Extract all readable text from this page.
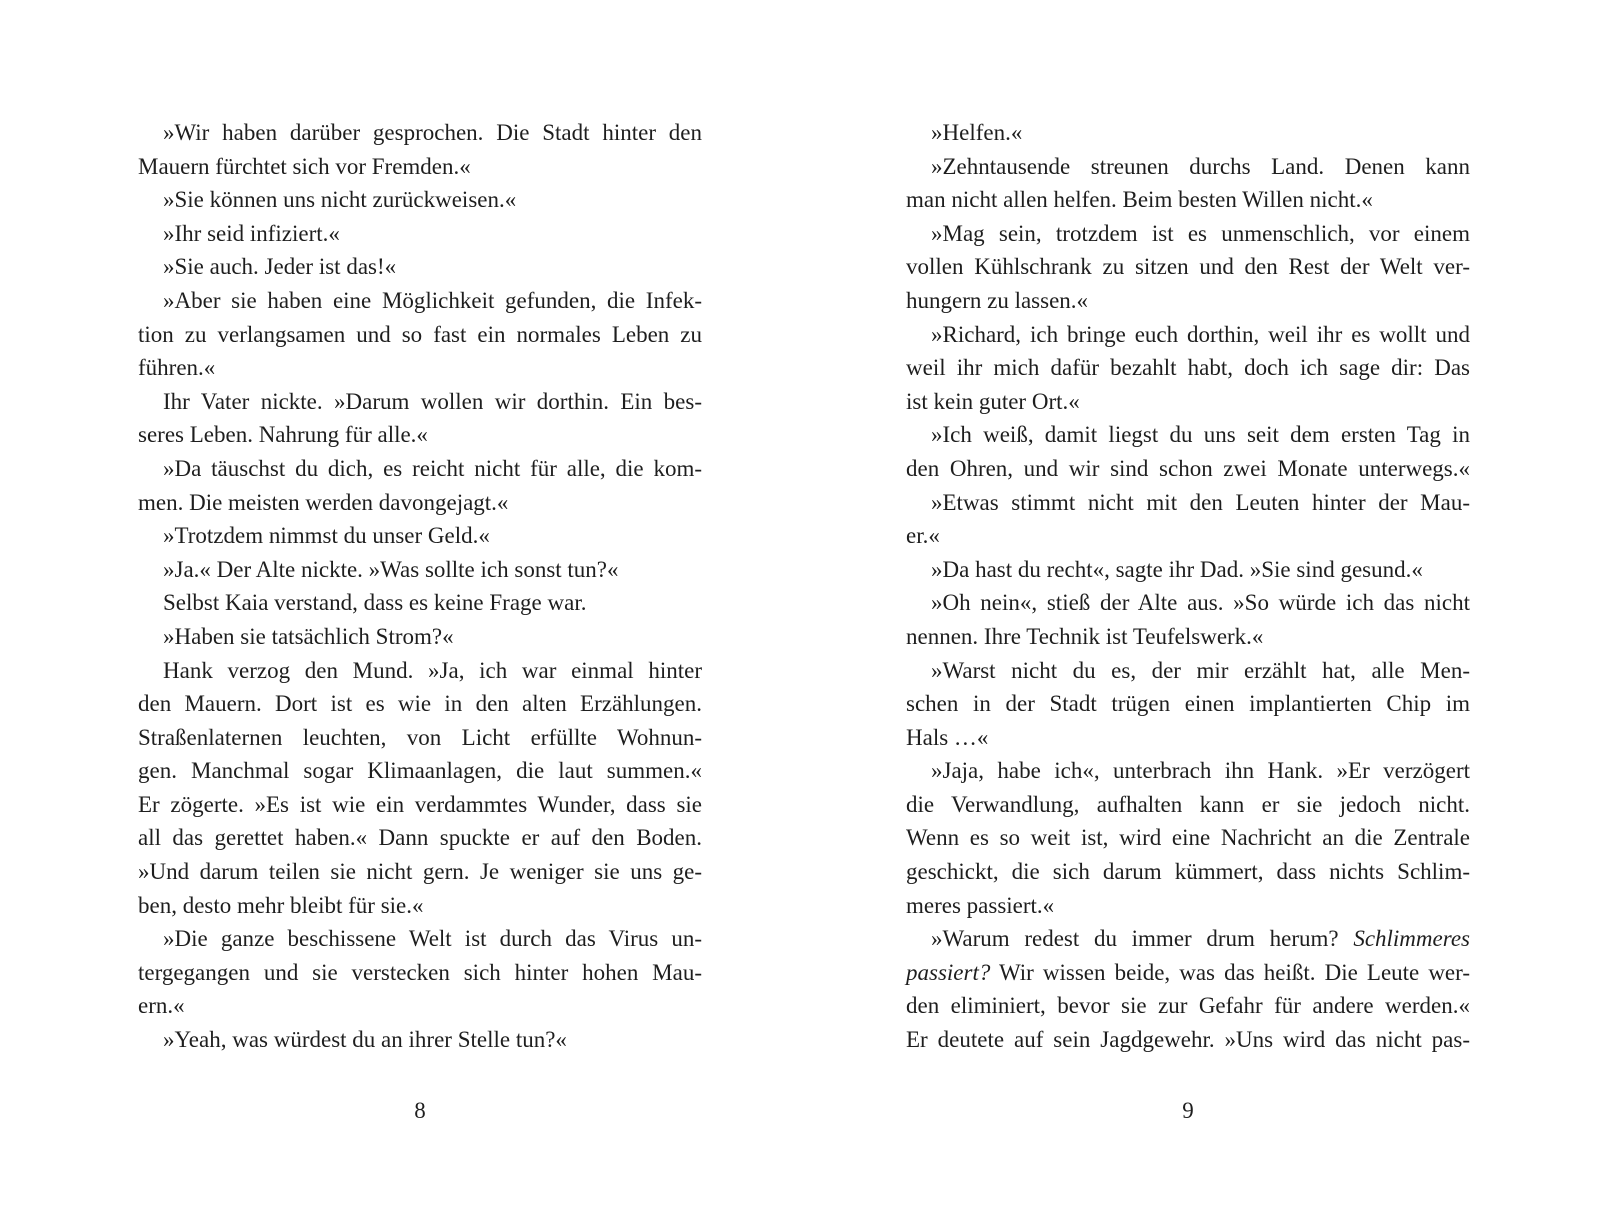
»Wir haben darüber gesprochen. Die Stadt hinter den
Mauern fürchtet sich vor Fremden.«
»Sie können uns nicht zurückweisen.«
»Ihr seid infiziert.«
»Sie auch. Jeder ist das!«
»Aber sie haben eine Möglichkeit gefunden, die Infek-
tion zu verlangsamen und so fast ein normales Leben zu
führen.«
Ihr Vater nickte. »Darum wollen wir dorthin. Ein bes-
seres Leben. Nahrung für alle.«
»Da täuschst du dich, es reicht nicht für alle, die kom-
men. Die meisten werden davongejagt.«
»Trotzdem nimmst du unser Geld.«
»Ja.« Der Alte nickte. »Was sollte ich sonst tun?«
Selbst Kaia verstand, dass es keine Frage war.
»Haben sie tatsächlich Strom?«
Hank verzog den Mund. »Ja, ich war einmal hinter
den Mauern. Dort ist es wie in den alten Erzählungen.
Straßenlaternen leuchten, von Licht erfüllte Wohnun-
gen. Manchmal sogar Klimaanlagen, die laut summen.«
Er zögerte. »Es ist wie ein verdammtes Wunder, dass sie
all das gerettet haben.« Dann spuckte er auf den Boden.
»Und darum teilen sie nicht gern. Je weniger sie uns ge-
ben, desto mehr bleibt für sie.«
»Die ganze beschissene Welt ist durch das Virus un-
tergegangen und sie verstecken sich hinter hohen Mau-
ern.«
»Yeah, was würdest du an ihrer Stelle tun?«
»Helfen.«
»Zehntausende streunen durchs Land. Denen kann
man nicht allen helfen. Beim besten Willen nicht.«
»Mag sein, trotzdem ist es unmenschlich, vor einem
vollen Kühlschrank zu sitzen und den Rest der Welt ver-
hungern zu lassen.«
»Richard, ich bringe euch dorthin, weil ihr es wollt und
weil ihr mich dafür bezahlt habt, doch ich sage dir: Das
ist kein guter Ort.«
»Ich weiß, damit liegst du uns seit dem ersten Tag in
den Ohren, und wir sind schon zwei Monate unterwegs.«
»Etwas stimmt nicht mit den Leuten hinter der Mau-
er.«
»Da hast du recht«, sagte ihr Dad. »Sie sind gesund.«
»Oh nein«, stieß der Alte aus. »So würde ich das nicht
nennen. Ihre Technik ist Teufelswerk.«
»Warst nicht du es, der mir erzählt hat, alle Men-
schen in der Stadt trügen einen implantierten Chip im
Hals …«
»Jaja, habe ich«, unterbrach ihn Hank. »Er verzögert
die Verwandlung, aufhalten kann er sie jedoch nicht.
Wenn es so weit ist, wird eine Nachricht an die Zentrale
geschickt, die sich darum kümmert, dass nichts Schlim-
meres passiert.«
»Warum redest du immer drum herum? Schlimmeres
passiert? Wir wissen beide, was das heißt. Die Leute wer-
den eliminiert, bevor sie zur Gefahr für andere werden.«
Er deutete auf sein Jagdgewehr. »Uns wird das nicht pas-
8	9
